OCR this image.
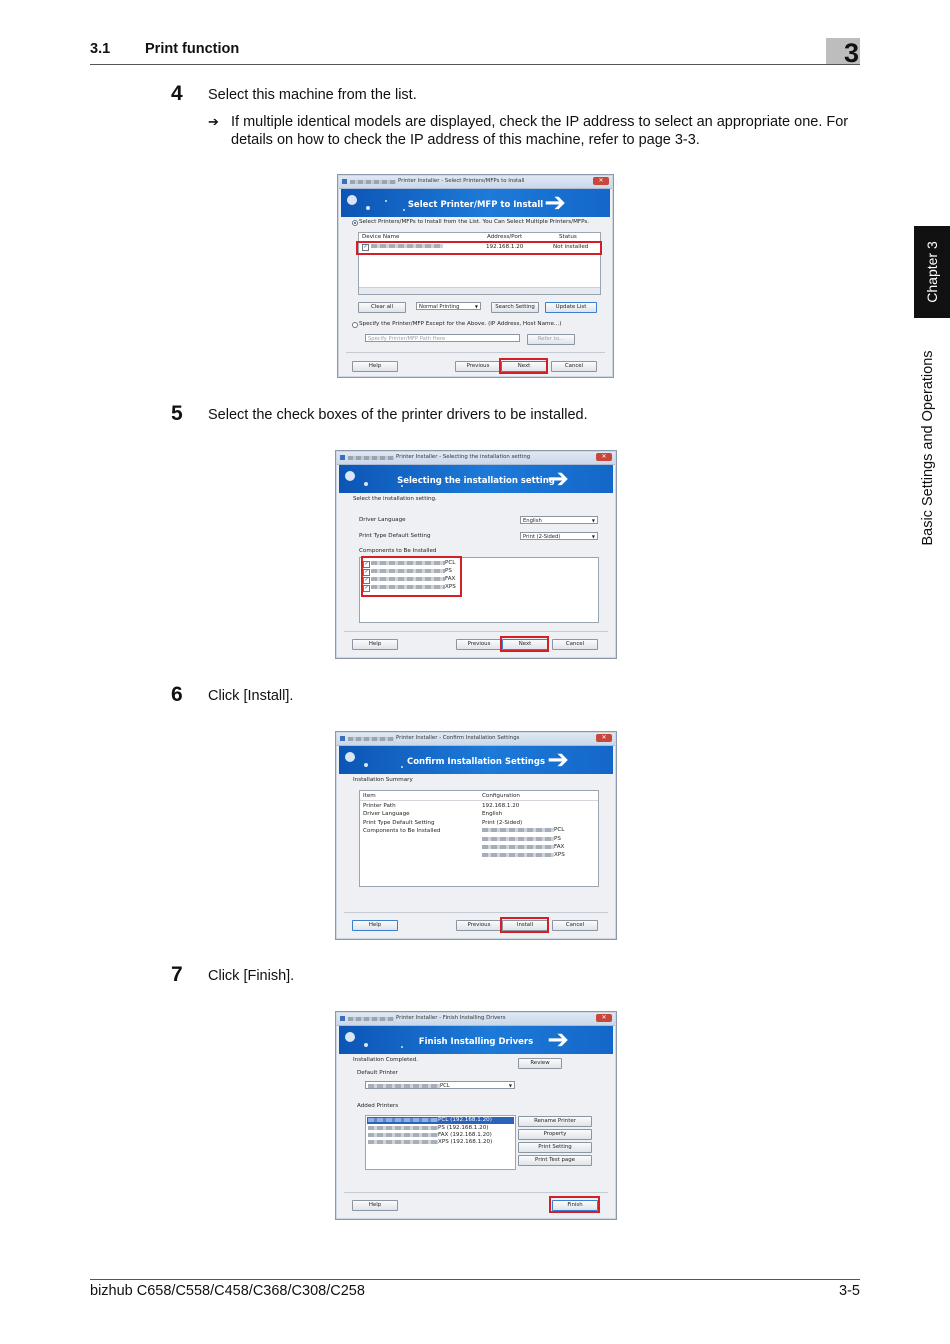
3.1 Print function	3
Chapter 3
Basic Settings and Operations
4 Select this machine from the list.
➔ If multiple identical models are displayed, check the IP address to select an appropriate one. For details on how to check the IP address of this machine, refer to page 3-3.
Printer Installer - Select Printers/MFPs to Install	✕
Select Printer/MFP to Install ➔
Select Printers/MFPs to Install from the List. You Can Select Multiple Printers/MFPs.
Device Name	Address/Port	Status
✓	192.168.1.20	Not installed
Clear all	Normal Printing	▼	Search Setting	Update List
Specify the Printer/MFP Except for the Above. (IP Address, Host Name...)
Specify Printer/MFP Path Here	Refer to...
Help	Previous	Next	Cancel
5 Select the check boxes of the printer drivers to be installed.
Printer Installer - Selecting the installation setting	✕
Selecting the installation setting
➔
Select the installation setting.
Driver Language	English	▼
Print Type Default Setting	Print (2-Sided)	▼
Components to Be Installed
✓	PCL
✓	PS
✓	FAX
✓	XPS
Help	Previous	Next	Cancel
6 Click [Install].
Printer Installer - Confirm Installation Settings	✕
Confirm Installation Settings ➔
Installation Summary
Item	Configuration
Printer Path	192.168.1.20
Driver Language	English
Print Type Default Setting	Print (2-Sided)
Components to Be Installed	PCL
PS
FAX
XPS
Help	Previous	Install	Cancel
7 Click [Finish].
Printer Installer - Finish Installing Drivers	✕
Finish Installing Drivers ➔
Installation Completed.	Review
Default Printer
PCL	▼
Added Printers
PCL (192.168.1.20)
PS (192.168.1.20)
FAX (192.168.1.20)
XPS (192.168.1.20)
Rename Printer
Property
Print Setting
Print Test page
Help	Finish
bizhub C658/C558/C458/C368/C308/C258	3-5
